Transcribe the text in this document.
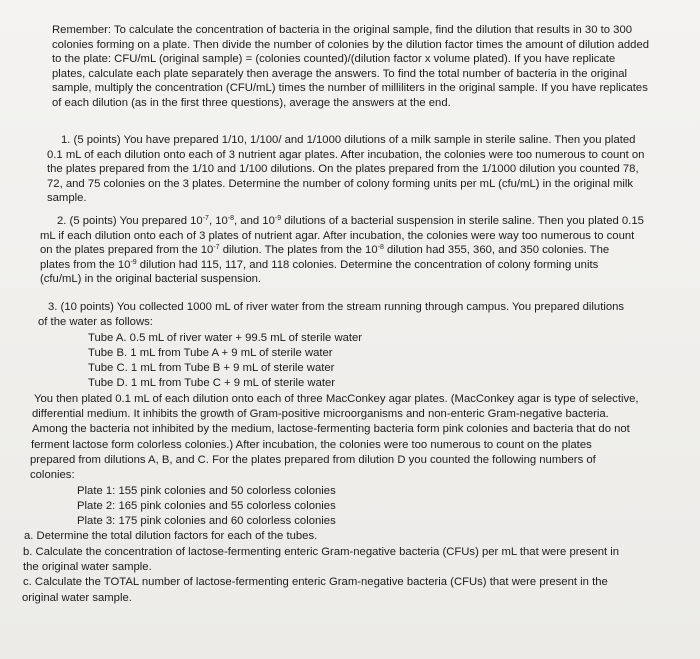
Remember: To calculate the concentration of bacteria in the original sample, find the dilution that results in 30 to 300
colonies forming on a plate. Then divide the number of colonies by the dilution factor times the amount of dilution added
to the plate: CFU/mL (original sample) = (colonies counted)/(dilution factor x volume plated). If you have replicate
plates, calculate each plate separately then average the answers. To find the total number of bacteria in the original
sample, multiply the concentration (CFU/mL) times the number of milliliters in the original sample. If you have replicates
of each dilution (as in the first three questions), average the answers at the end.
1. (5 points) You have prepared 1/10, 1/100/ and 1/1000 dilutions of a milk sample in sterile saline. Then you plated
0.1 mL of each dilution onto each of 3 nutrient agar plates. After incubation, the colonies were too numerous to count on
the plates prepared from the 1/10 and 1/100 dilutions. On the plates prepared from the 1/1000 dilution you counted 78,
72, and 75 colonies on the 3 plates. Determine the number of colony forming units per mL (cfu/mL) in the original milk
sample.
2. (5 points) You prepared $10^{-7}$, $10^{-8}$, and $10^{-9}$ dilutions of a bacterial suspension in sterile saline. Then you plated 0.15
mL if each dilution onto each of 3 plates of nutrient agar. After incubation, the colonies were way too numerous to count
on the plates prepared from the $10^{-7}$ dilution. The plates from the $10^{-8}$ dilution had 355, 360, and 350 colonies. The
plates from the $10^{-9}$ dilution had 115, 117, and 118 colonies. Determine the concentration of colony forming units
(cfu/mL) in the original bacterial suspension.
3. (10 points) You collected 1000 mL of river water from the stream running through campus. You prepared dilutions
of the water as follows:
Tube A. 0.5 mL of river water + 99.5 mL of sterile water
Tube B. 1 mL from Tube A + 9 mL of sterile water
Tube C. 1 mL from Tube B + 9 mL of sterile water
Tube D. 1 mL from Tube C + 9 mL of sterile water
You then plated 0.1 mL of each dilution onto each of three MacConkey agar plates. (MacConkey agar is type of selective,
differential medium. It inhibits the growth of Gram-positive microorganisms and non-enteric Gram-negative bacteria.
Among the bacteria not inhibited by the medium, lactose-fermenting bacteria form pink colonies and bacteria that do not
ferment lactose form colorless colonies.) After incubation, the colonies were too numerous to count on the plates
prepared from dilutions A, B, and C. For the plates prepared from dilution D you counted the following numbers of
colonies:
Plate 1: 155 pink colonies and 50 colorless colonies
Plate 2: 165 pink colonies and 55 colorless colonies
Plate 3: 175 pink colonies and 60 colorless colonies
a. Determine the total dilution factors for each of the tubes.
b. Calculate the concentration of lactose-fermenting enteric Gram-negative bacteria (CFUs) per mL that were present in
the original water sample.
c. Calculate the TOTAL number of lactose-fermenting enteric Gram-negative bacteria (CFUs) that were present in the
original water sample.
